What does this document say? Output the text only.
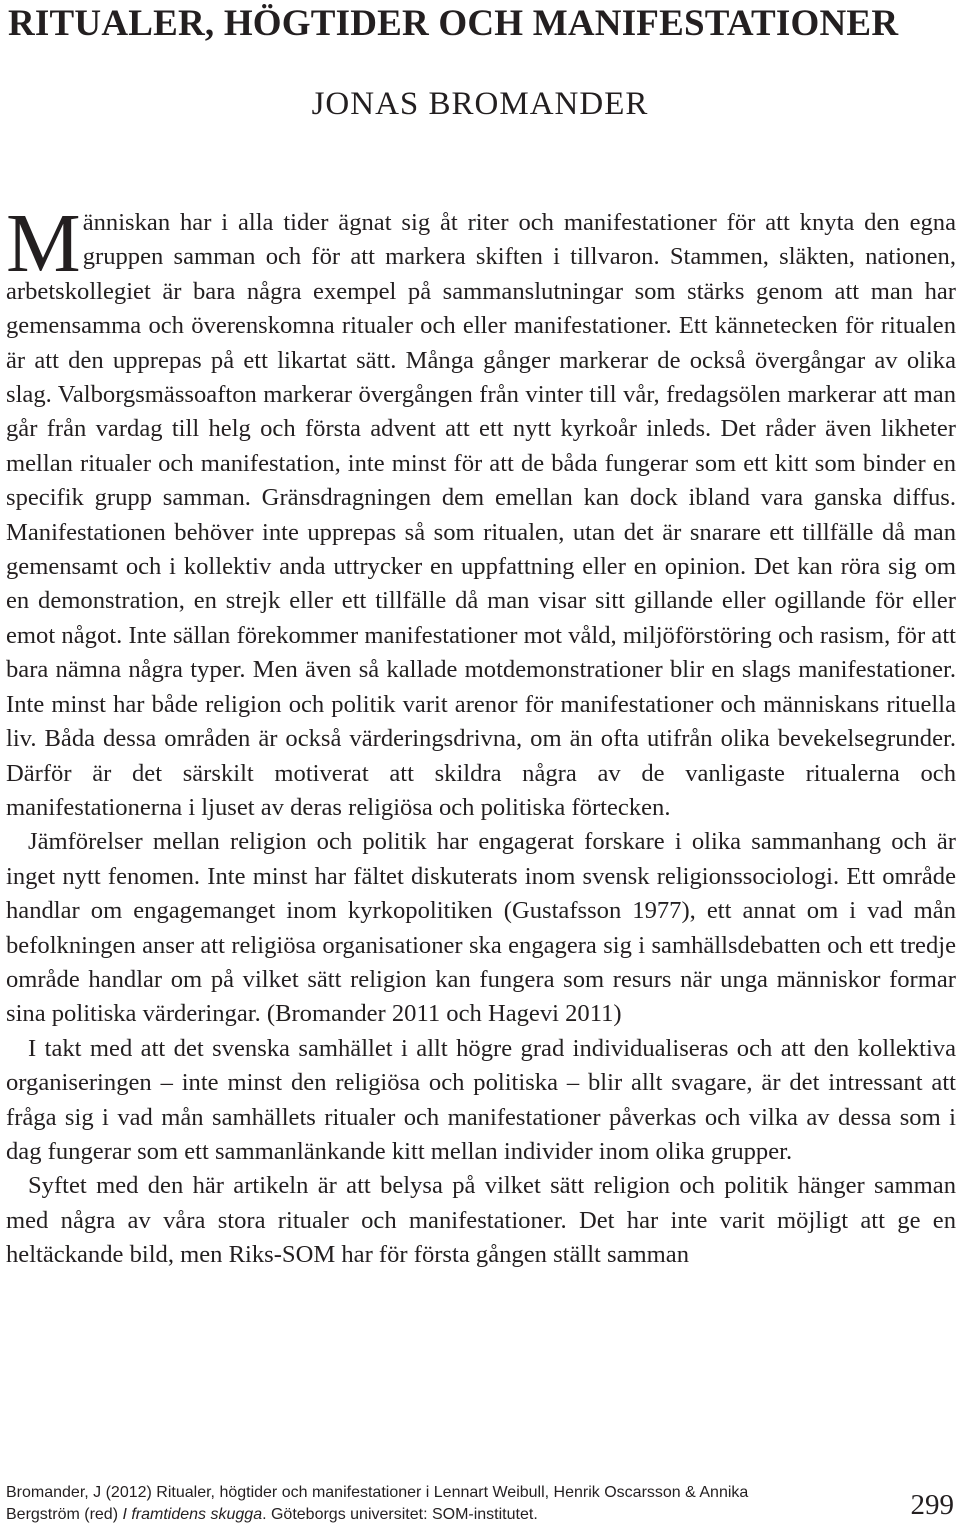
RITUALER, HÖGTIDER OCH MANIFESTATIONER
JONAS BROMANDER

Människan har i alla tider ägnat sig åt riter och manifestationer för att knyta den egna gruppen samman och för att markera skiften i tillvaron. Stammen, släkten, nationen, arbetskollegiet är bara några exempel på sammanslutningar som stärks genom att man har gemensamma och överenskomna ritualer och eller manifestationer. Ett kännetecken för ritualen är att den upprepas på ett likartat sätt. Många gånger markerar de också övergångar av olika slag. Valborgsmässoafton markerar övergången från vinter till vår, fredagsölen markerar att man går från vardag till helg och första advent att ett nytt kyrkoår inleds. Det råder även likheter mellan ritualer och manifestation, inte minst för att de båda fungerar som ett kitt som binder en specifik grupp samman. Gränsdragningen dem emellan kan dock ibland vara ganska diffus. Manifestationen behöver inte upprepas så som ritualen, utan det är snarare ett tillfälle då man gemensamt och i kollektiv anda uttrycker en uppfattning eller en opinion. Det kan röra sig om en demonstration, en strejk eller ett tillfälle då man visar sitt gillande eller ogillande för eller emot något. Inte sällan förekommer manifestationer mot våld, miljöförstöring och rasism, för att bara nämna några typer. Men även så kallade motdemonstrationer blir en slags manifestationer. Inte minst har både religion och politik varit arenor för manifestationer och människans rituella liv. Båda dessa områden är också värderingsdrivna, om än ofta utifrån olika bevekelsegrunder. Därför är det särskilt motiverat att skildra några av de vanligaste ritualerna och manifestationerna i ljuset av deras religiösa och politiska förtecken.

Jämförelser mellan religion och politik har engagerat forskare i olika sammanhang och är inget nytt fenomen. Inte minst har fältet diskuterats inom svensk religionssociologi. Ett område handlar om engagemanget inom kyrkopolitiken (Gustafsson 1977), ett annat om i vad mån befolkningen anser att religiösa organisationer ska engagera sig i samhällsdebatten och ett tredje område handlar om på vilket sätt religion kan fungera som resurs när unga människor formar sina politiska värderingar. (Bromander 2011 och Hagevi 2011)

I takt med att det svenska samhället i allt högre grad individualiseras och att den kollektiva organiseringen – inte minst den religiösa och politiska – blir allt svagare, är det intressant att fråga sig i vad mån samhällets ritualer och manifestationer påverkas och vilka av dessa som i dag fungerar som ett sammanlänkande kitt mellan individer inom olika grupper.

Syftet med den här artikeln är att belysa på vilket sätt religion och politik hänger samman med några av våra stora ritualer och manifestationer. Det har inte varit möjligt att ge en heltäckande bild, men Riks-SOM har för första gången ställt samman

Bromander, J (2012) Ritualer, högtider och manifestationer i Lennart Weibull, Henrik Oscarsson & Annika Bergström (red) I framtidens skugga. Göteborgs universitet: SOM-institutet.	299
